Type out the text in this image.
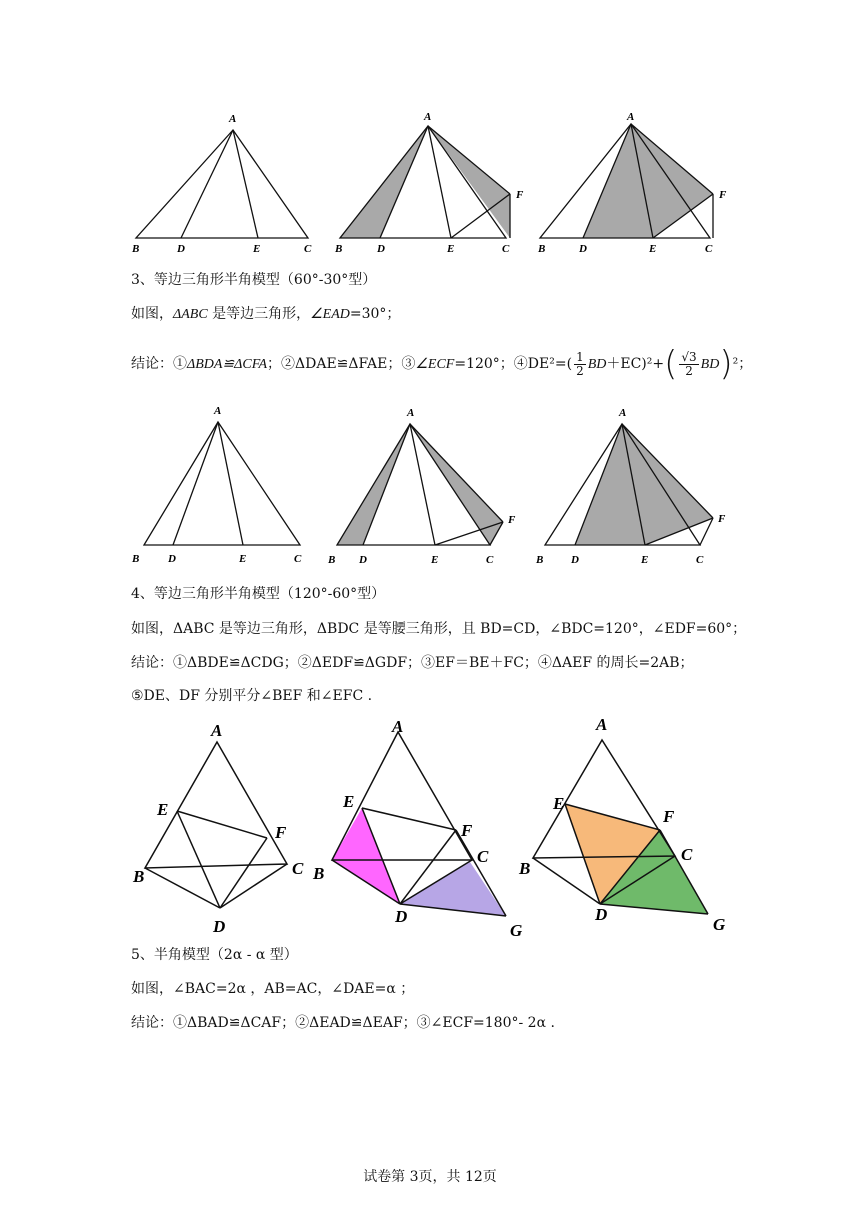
A
B	D	E	C
A
B	D	E	C
F
A
B	D	E	C
F
3、等边三角形半角模型（60°-30°型）
如图，ΔABC 是等边三角形，∠EAD=30°；
结论：①ΔBDA≌ΔCFA；②ΔDAE≌ΔFAE；③∠ECF=120°；④DE²=( $\frac{1}{2} BD+EC)^2+( \frac{√3}{2} BD)^2$；
A
B	D	E	C
A
B D	E	C
F
A
B	D	E	C
F
4、等边三角形半角模型（120°-60°型）
如图，ΔABC 是等边三角形，ΔBDC 是等腰三角形，且 BD=CD，∠BDC=120°，∠EDF=60°；
结论：①ΔBDE≌ΔCDG；②ΔEDF≌ΔGDF；③EF＝BE＋FC；④ΔAEF 的周长=2AB；
⑤DE、DF 分别平分∠BEF 和∠EFC .
A
E
F
B	C
D
A
E
F
B
C
D
G
A
E
F
B
C
D
G
5、半角模型（2α - α 型）
如图，∠BAC=2α ，AB=AC，∠DAE=α ；
结论：①ΔBAD≌ΔCAF；②ΔEAD≌ΔEAF；③∠ECF=180°- 2α .
试卷第 3页，共 12页
